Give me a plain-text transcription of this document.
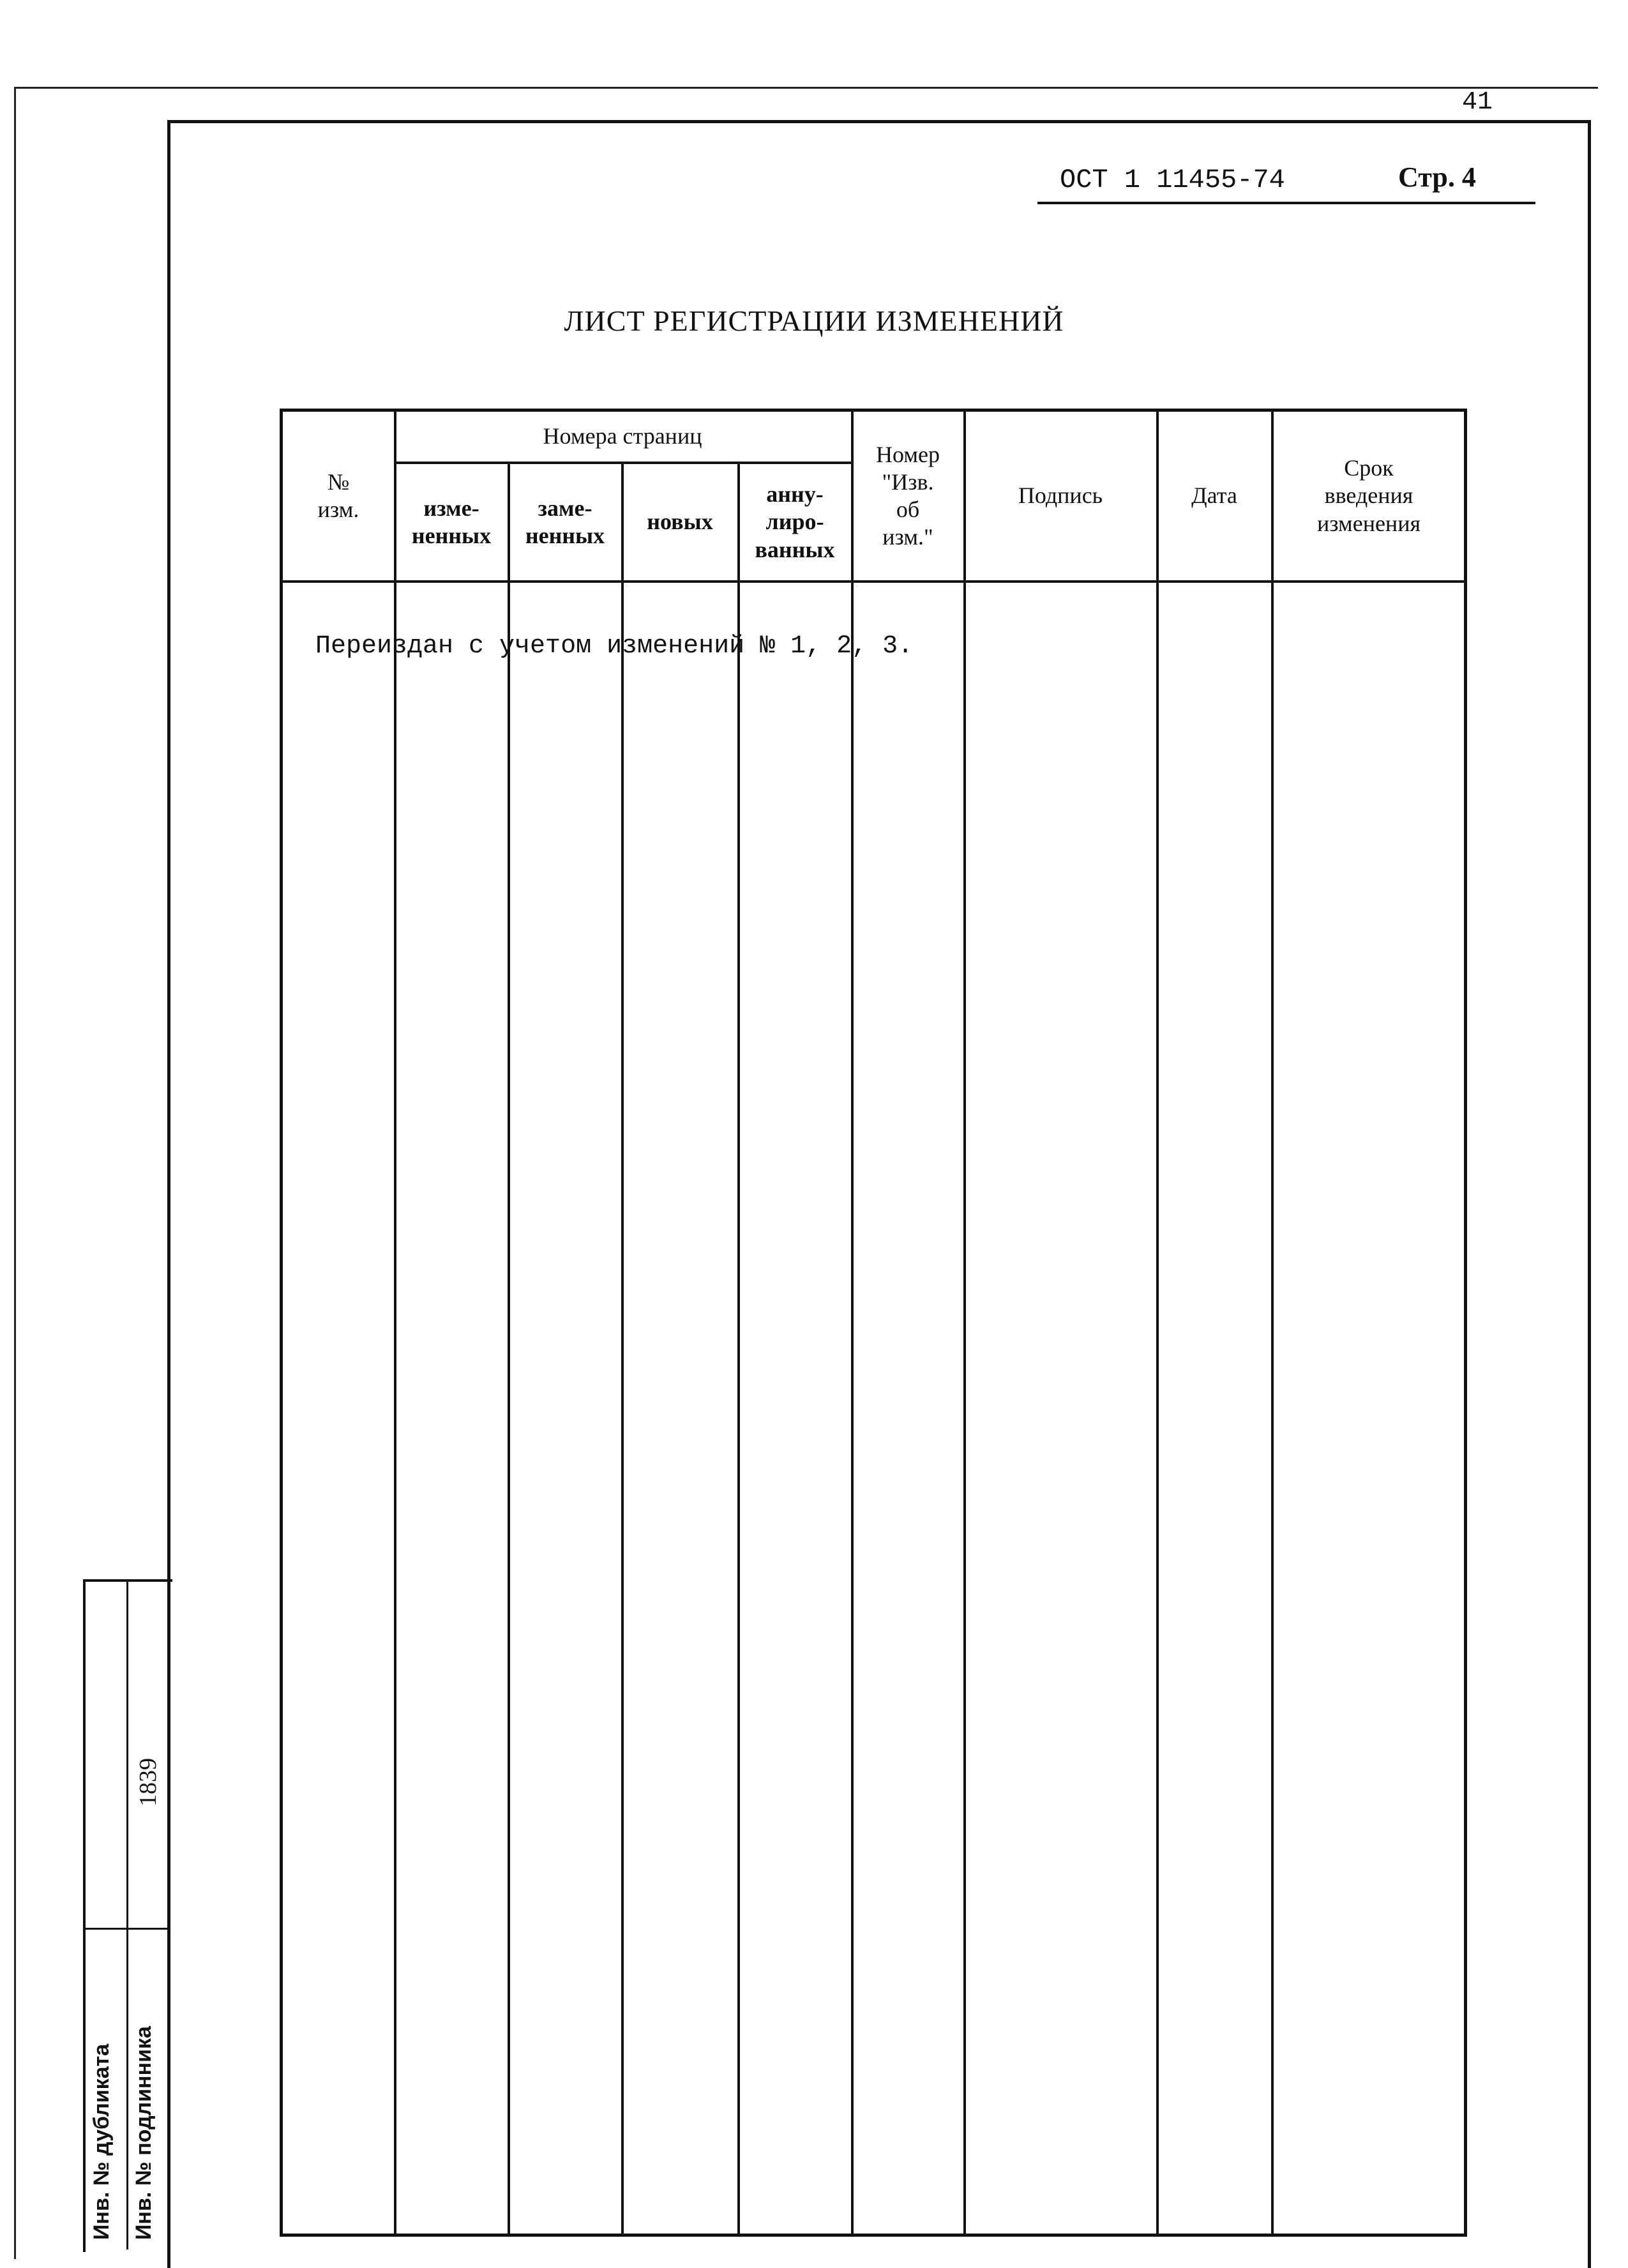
41
ОСТ 1 11455-74	Стр. 4
ЛИСТ РЕГИСТРАЦИИ ИЗМЕНЕНИЙ
№
изм.
Номера страниц
изме-
ненных
заме-
ненных
новых
анну-
лиро-
ванных
Номер
"Изв.
об
изм."
Подпись	Дата
Срок
введения
изменения
Переиздан с учетом изменений № 1, 2, 3.
1839
Инв. № дубликата Инв. № подлинника
